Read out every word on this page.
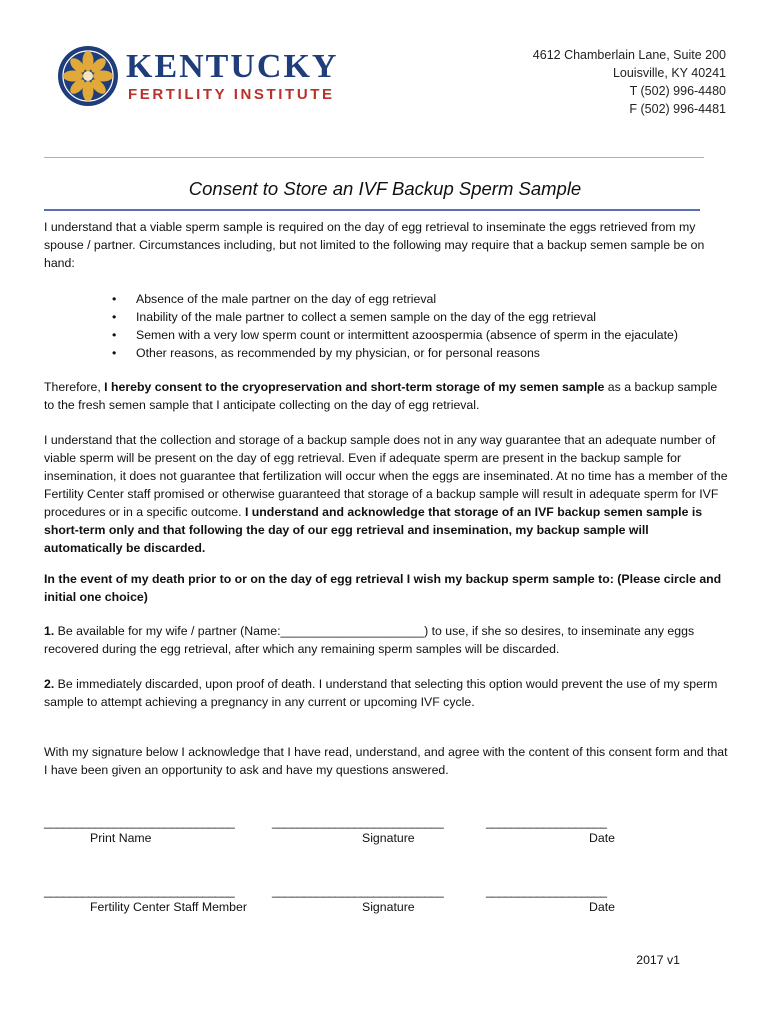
KENTUCKY
FERTILITY INSTITUTE
4612 Chamberlain Lane, Suite 200
Louisville, KY 40241
T (502) 996-4480
F (502) 996-4481
Consent to Store an IVF Backup Sperm Sample

I understand that a viable sperm sample is required on the day of egg retrieval to inseminate the eggs retrieved from my spouse / partner. Circumstances including, but not limited to the following may require that a backup semen sample be on hand:

• Absence of the male partner on the day of egg retrieval
• Inability of the male partner to collect a semen sample on the day of the egg retrieval
• Semen with a very low sperm count or intermittent azoospermia (absence of sperm in the ejaculate)
• Other reasons, as recommended by my physician, or for personal reasons

Therefore, I hereby consent to the cryopreservation and short-term storage of my semen sample as a backup sample to the fresh semen sample that I anticipate collecting on the day of egg retrieval.

I understand that the collection and storage of a backup sample does not in any way guarantee that an adequate number of viable sperm will be present on the day of egg retrieval. Even if adequate sperm are present in the backup sample for insemination, it does not guarantee that fertilization will occur when the eggs are inseminated. At no time has a member of the Fertility Center staff promised or otherwise guaranteed that storage of a backup sample will result in adequate sperm for IVF procedures or in a specific outcome. I understand and acknowledge that storage of an IVF backup semen sample is short-term only and that following the day of our egg retrieval and insemination, my backup sample will automatically be discarded.

In the event of my death prior to or on the day of egg retrieval I wish my backup sperm sample to: (Please circle and initial one choice)

1. Be available for my wife / partner (Name:_____________________) to use, if she so desires, to inseminate any eggs recovered during the egg retrieval, after which any remaining sperm samples will be discarded.

2. Be immediately discarded, upon proof of death. I understand that selecting this option would prevent the use of my sperm sample to attempt achieving a pregnancy in any current or upcoming IVF cycle.

With my signature below I acknowledge that I have read, understand, and agree with the content of this consent form and that I have been given an opportunity to ask and have my questions answered.

______________________________	___________________________	___________________
Print Name	Signature	Date
______________________________	___________________________	___________________
Fertility Center Staff Member	Signature	Date
2017 v1
